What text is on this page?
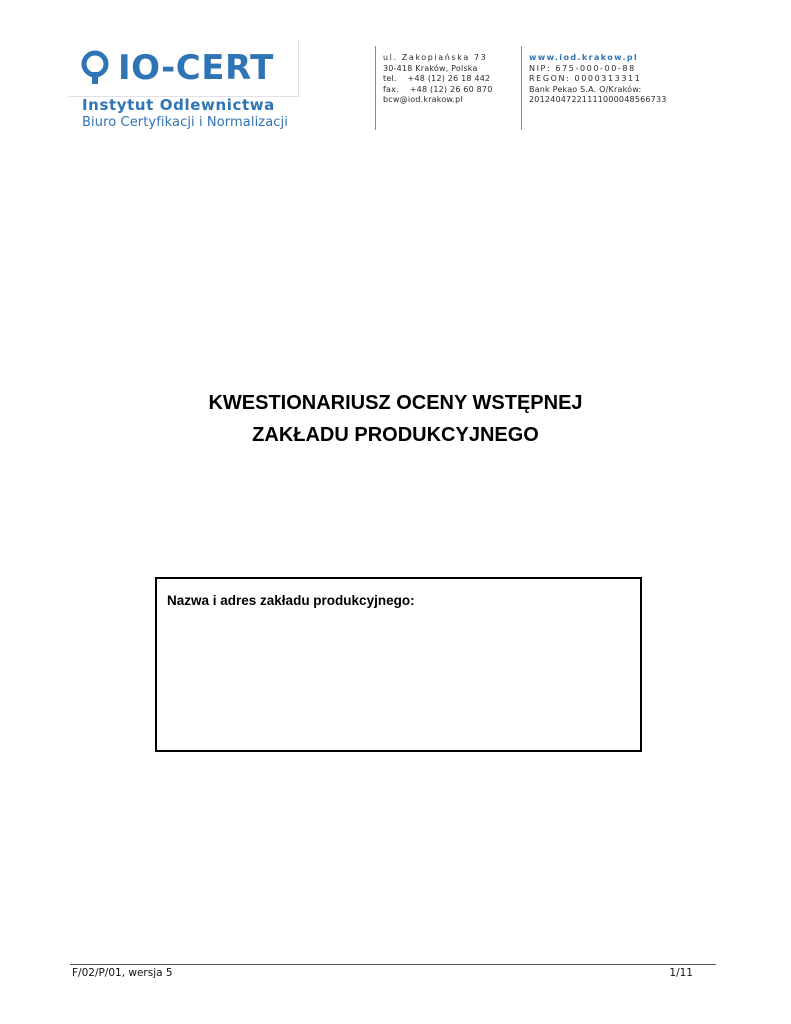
IO-CERT
Instytut Odlewnictwa
Biuro Certyfikacji i Normalizacji
ul. Zakopiańska 73
30-418 Kraków, Polska
tel. +48 (12) 26 18 442
fax. +48 (12) 26 60 870
bcw@iod.krakow.pl
www.iod.krakow.pl
NIP: 675-000-00-88
REGON: 0000313311
Bank Pekao S.A. O/Kraków:
20124047221111000048566733
KWESTIONARIUSZ OCENY WSTĘPNEJ
ZAKŁADU PRODUKCYJNEGO
Nazwa i adres zakładu produkcyjnego:
F/02/P/01, wersja 5	1/11
